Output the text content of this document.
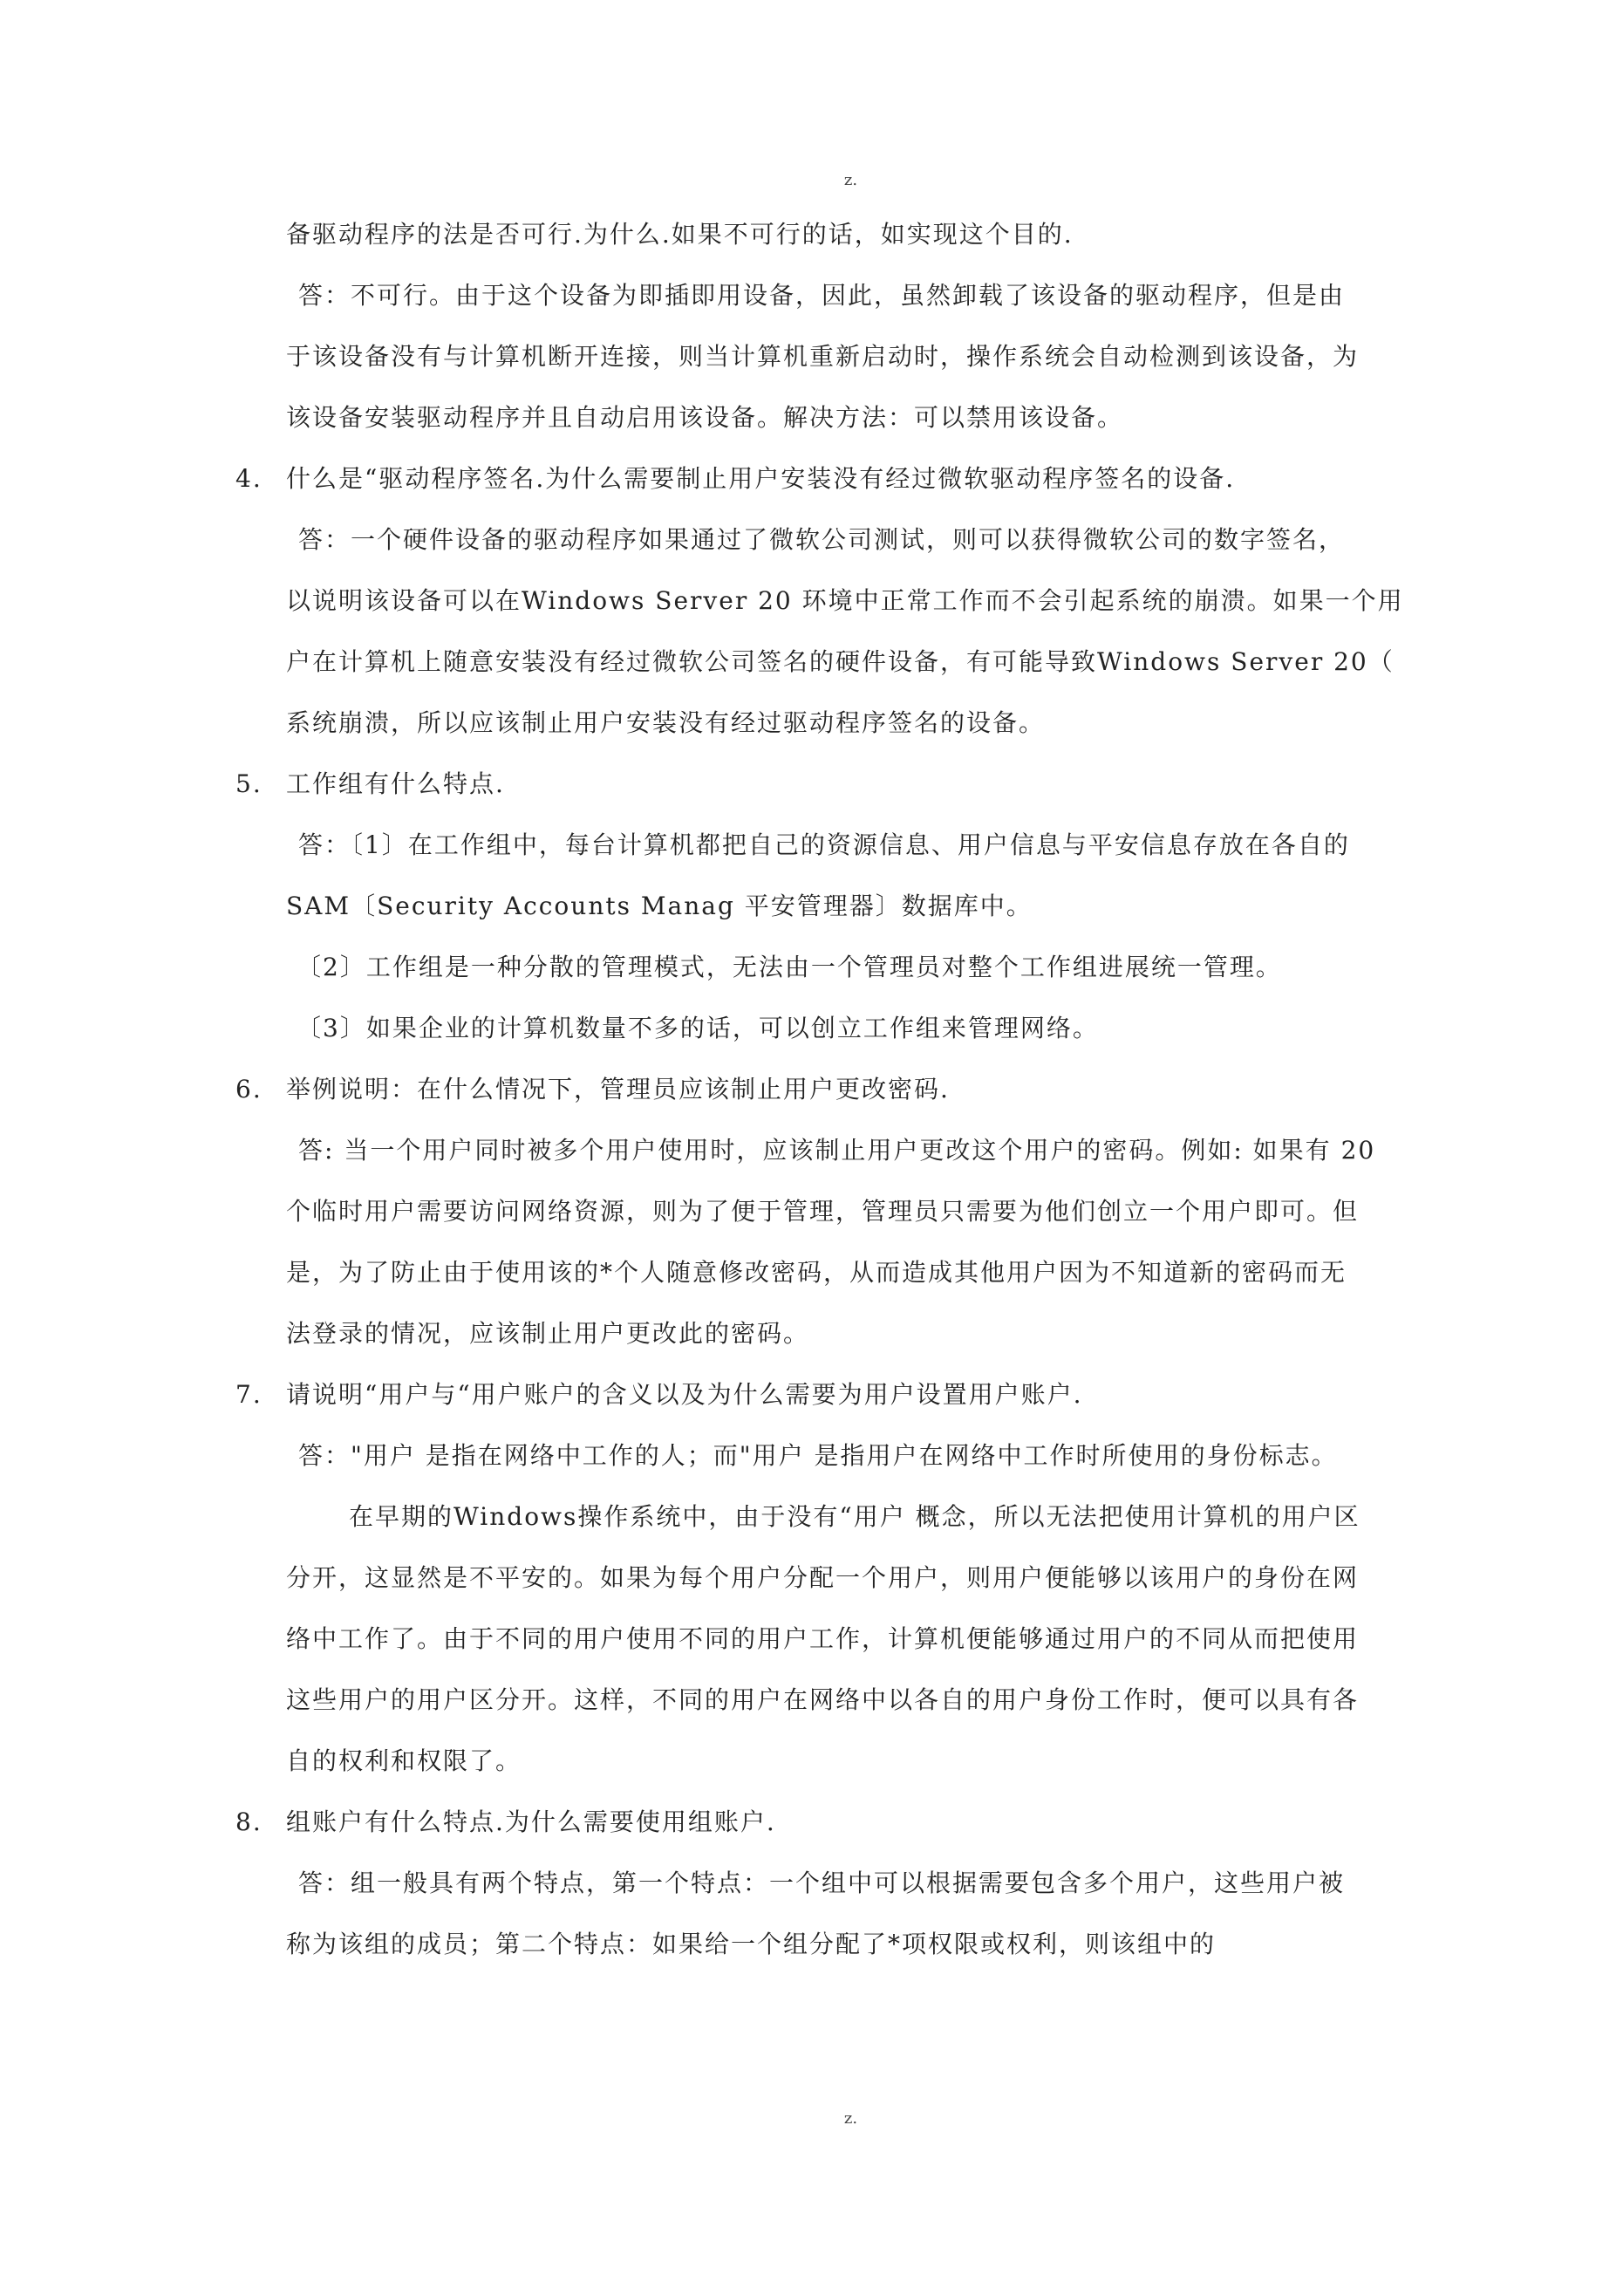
z.
备驱动程序的法是否可行.为什么.如果不可行的话，如实现这个目的.
答：不可行。由于这个设备为即插即用设备，因此，虽然卸载了该设备的驱动程序，但是由
于该设备没有与计算机断开连接，则当计算机重新启动时，操作系统会自动检测到该设备，为
该设备安装驱动程序并且自动启用该设备。解决方法：可以禁用该设备。
4. 什么是“驱动程序签名.为什么需要制止用户安装没有经过微软驱动程序签名的设备.
答：一个硬件设备的驱动程序如果通过了微软公司测试，则可以获得微软公司的数字签名，
以说明该设备可以在Windows Server 20 环境中正常工作而不会引起系统的崩溃。如果一个用
户在计算机上随意安装没有经过微软公司签名的硬件设备，有可能导致Windows Server 20（
系统崩溃，所以应该制止用户安装没有经过驱动程序签名的设备。
5. 工作组有什么特点.
答：〔1〕在工作组中，每台计算机都把自己的资源信息、用户信息与平安信息存放在各自的
SAM〔Security Accounts Manag 平安管理器〕数据库中。
〔2〕工作组是一种分散的管理模式，无法由一个管理员对整个工作组进展统一管理。
〔3〕如果企业的计算机数量不多的话，可以创立工作组来管理网络。
6. 举例说明：在什么情况下，管理员应该制止用户更改密码.
答: 当一个用户同时被多个用户使用时，应该制止用户更改这个用户的密码。例如: 如果有 20
个临时用户需要访问网络资源，则为了便于管理，管理员只需要为他们创立一个用户即可。但
是，为了防止由于使用该的*个人随意修改密码，从而造成其他用户因为不知道新的密码而无
法登录的情况，应该制止用户更改此的密码。
7. 请说明“用户与“用户账户的含义以及为什么需要为用户设置用户账户.
答："用户 是指在网络中工作的人；而"用户 是指用户在网络中工作时所使用的身份标志。
在早期的Windows操作系统中，由于没有“用户 概念，所以无法把使用计算机的用户区
分开，这显然是不平安的。如果为每个用户分配一个用户，则用户便能够以该用户的身份在网
络中工作了。由于不同的用户使用不同的用户工作，计算机便能够通过用户的不同从而把使用
这些用户的用户区分开。这样，不同的用户在网络中以各自的用户身份工作时，便可以具有各
自的权利和权限了。
8. 组账户有什么特点.为什么需要使用组账户.
答：组一般具有两个特点，第一个特点：一个组中可以根据需要包含多个用户，这些用户被
称为该组的成员；第二个特点：如果给一个组分配了*项权限或权利，则该组中的
z.
